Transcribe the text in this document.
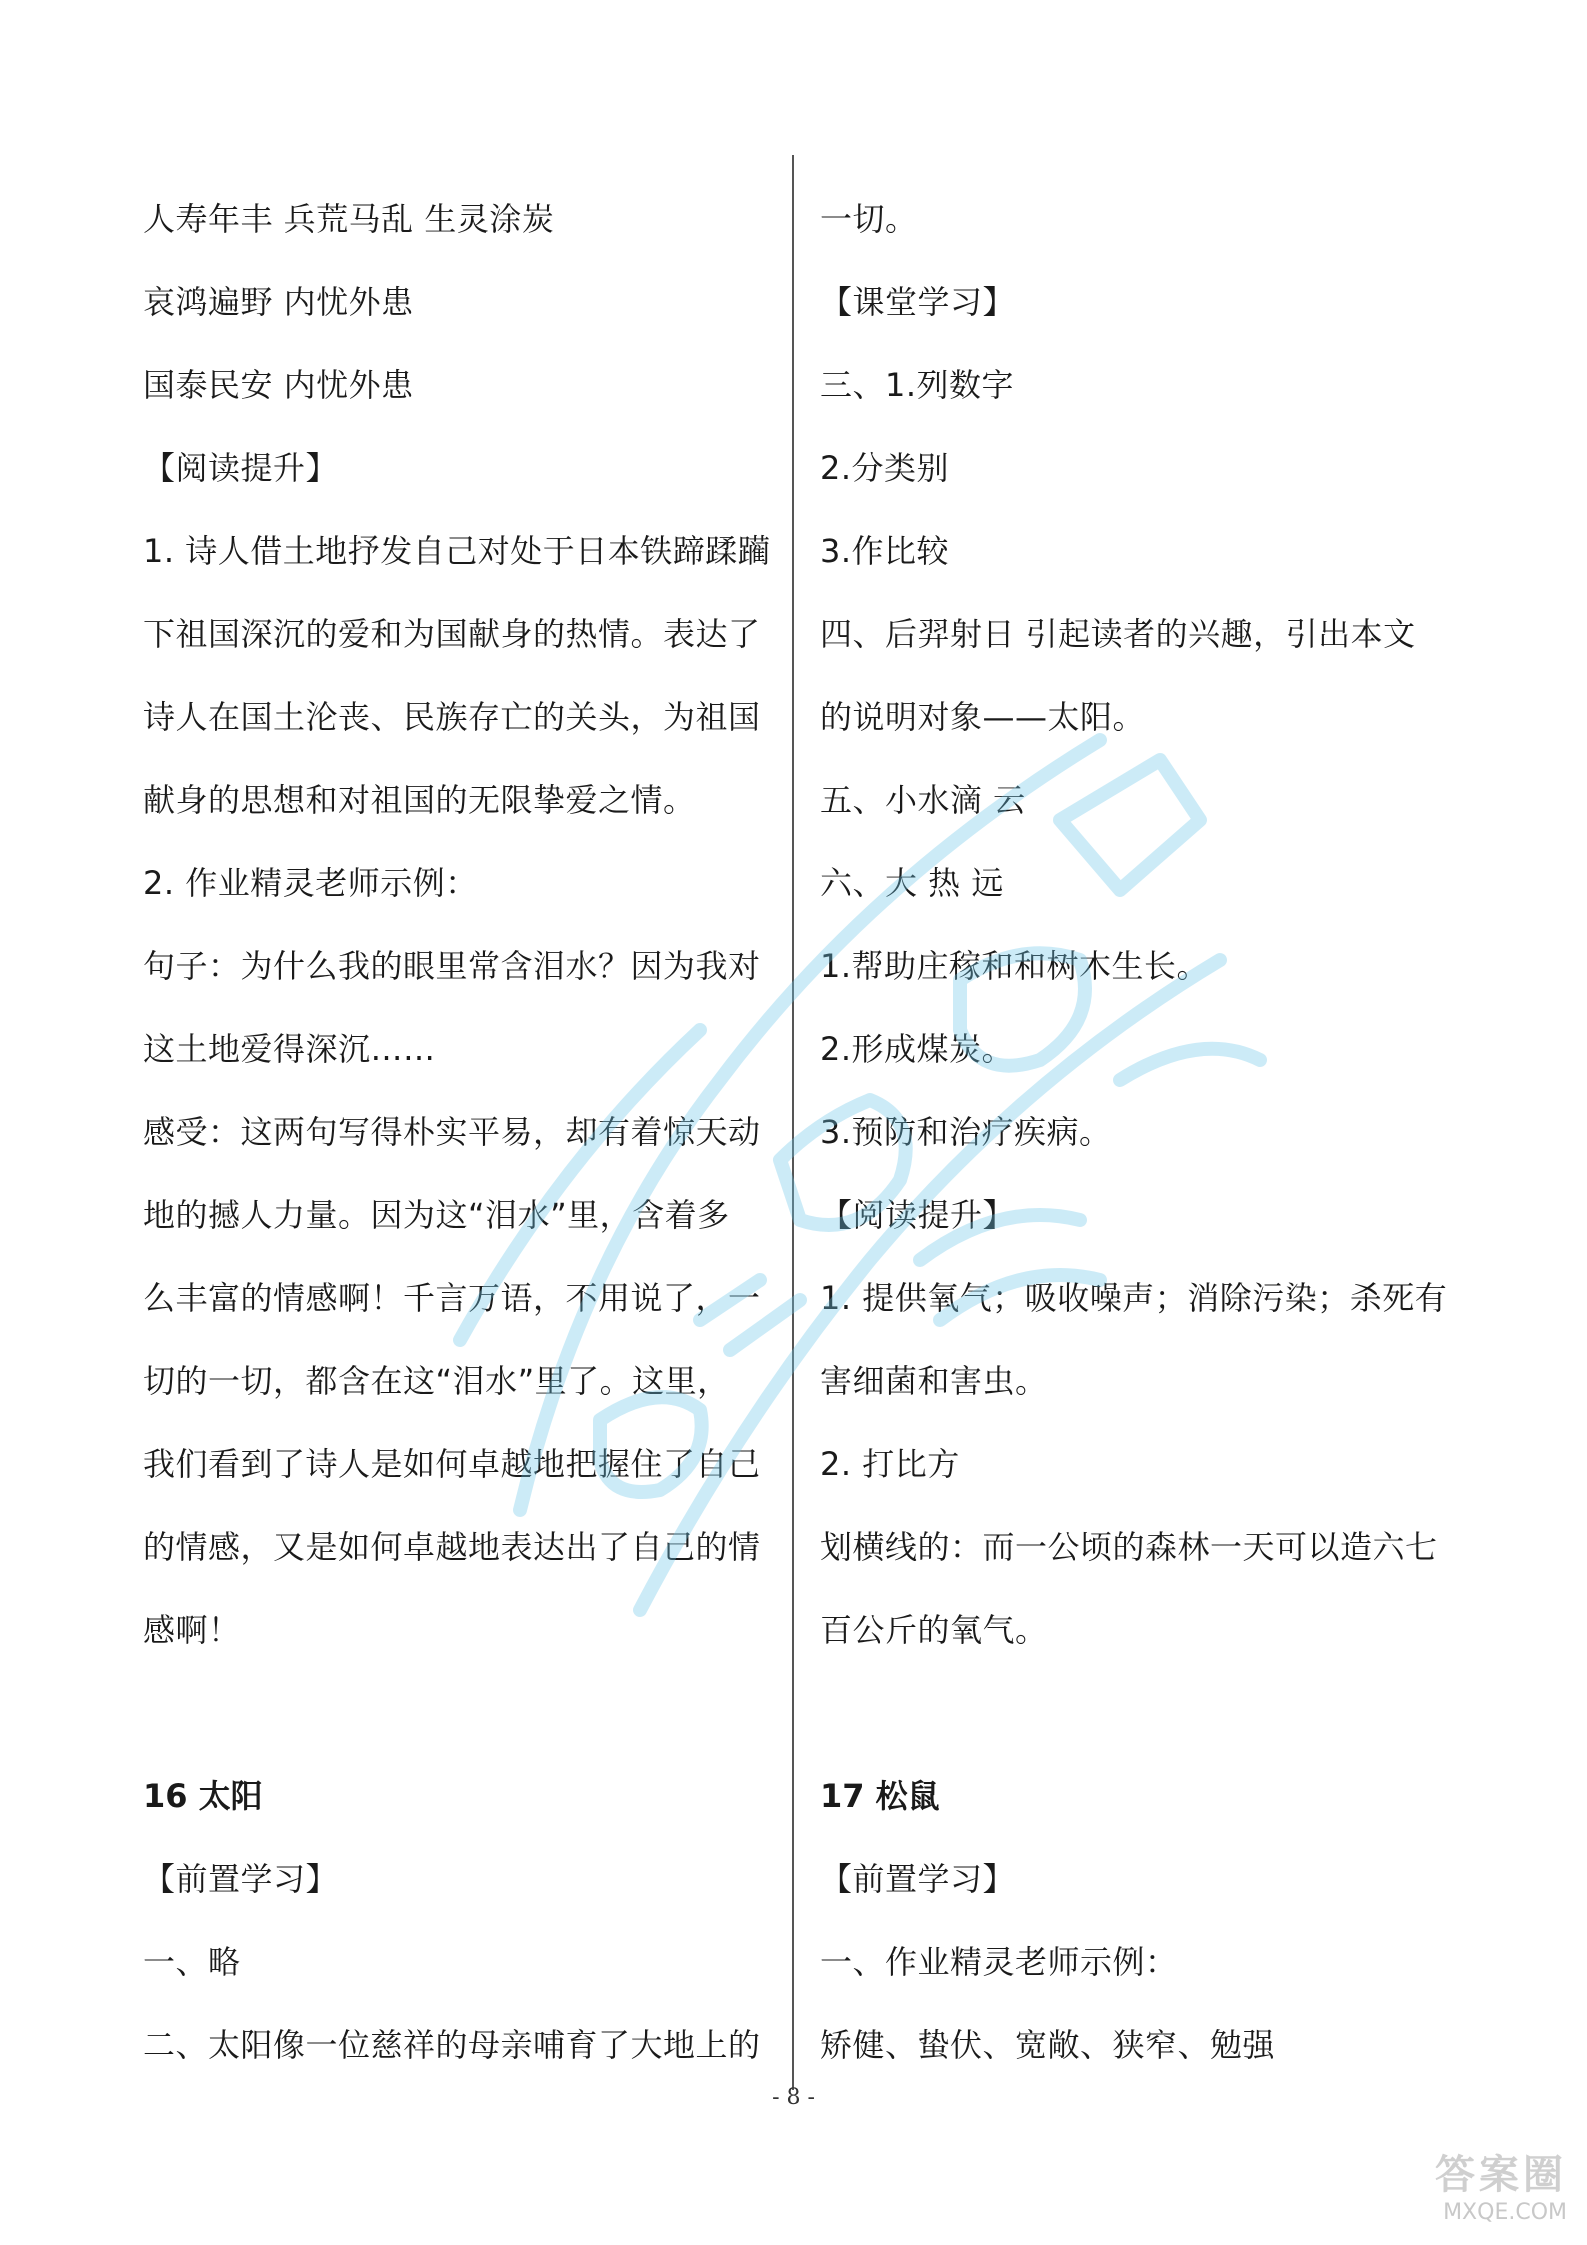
人寿年丰 兵荒马乱 生灵涂炭
哀鸿遍野 内忧外患
国泰民安 内忧外患
【阅读提升】
1. 诗人借土地抒发自己对处于日本铁蹄蹂躏
下祖国深沉的爱和为国献身的热情。表达了
诗人在国土沦丧、民族存亡的关头，为祖国
献身的思想和对祖国的无限挚爱之情。
2. 作业精灵老师示例：
句子：为什么我的眼里常含泪水？因为我对
这土地爱得深沉……
感受：这两句写得朴实平易，却有着惊天动
地的撼人力量。因为这“泪水”里，含着多
么丰富的情感啊！千言万语，不用说了，一
切的一切，都含在这“泪水”里了。这里，
我们看到了诗人是如何卓越地把握住了自己
的情感，又是如何卓越地表达出了自己的情
感啊！
16 太阳
【前置学习】
一、略
二、太阳像一位慈祥的母亲哺育了大地上的
一切。
【课堂学习】
三、1.列数字
2.分类别
3.作比较
四、后羿射日 引起读者的兴趣，引出本文
的说明对象——太阳。
五、小水滴 云
六、大 热 远
1.帮助庄稼和和树木生长。
2.形成煤炭。
3.预防和治疗疾病。
【阅读提升】
1. 提供氧气；吸收噪声；消除污染；杀死有
害细菌和害虫。
2. 打比方
划横线的：而一公顷的森林一天可以造六七
百公斤的氧气。
17 松鼠
【前置学习】
一、作业精灵老师示例：
矫健、蛰伏、宽敞、狭窄、勉强
- 8 -
答案圈
MXQE.COM
